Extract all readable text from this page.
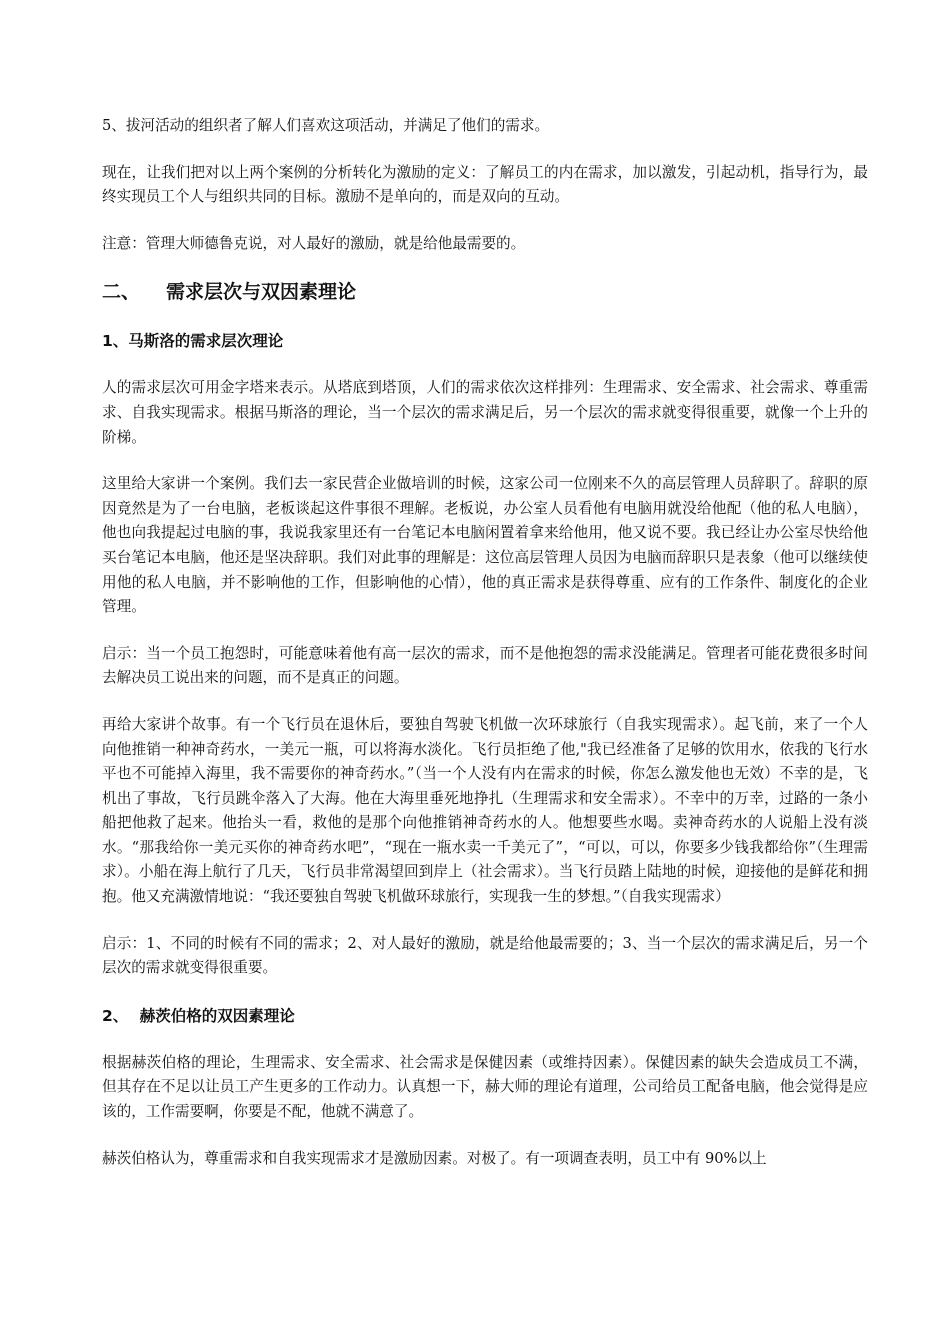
5、拔河活动的组织者了解人们喜欢这项活动，并满足了他们的需求。

现在，让我们把对以上两个案例的分析转化为激励的定义：了解员工的内在需求，加以激发，引起动机，指导行为，最终实现员工个人与组织共同的目标。激励不是单向的，而是双向的互动。

注意：管理大师德鲁克说，对人最好的激励，就是给他最需要的。

二、 需求层次与双因素理论
1、马斯洛的需求层次理论

人的需求层次可用金字塔来表示。从塔底到塔顶，人们的需求依次这样排列：生理需求、安全需求、社会需求、尊重需求、自我实现需求。根据马斯洛的理论，当一个层次的需求满足后，另一个层次的需求就变得很重要，就像一个上升的阶梯。

这里给大家讲一个案例。我们去一家民营企业做培训的时候，这家公司一位刚来不久的高层管理人员辞职了。辞职的原因竟然是为了一台电脑，老板谈起这件事很不理解。老板说，办公室人员看他有电脑用就没给他配（他的私人电脑），他也向我提起过电脑的事，我说我家里还有一台笔记本电脑闲置着拿来给他用，他又说不要。我已经让办公室尽快给他买台笔记本电脑，他还是坚决辞职。我们对此事的理解是：这位高层管理人员因为电脑而辞职只是表象（他可以继续使用他的私人电脑，并不影响他的工作，但影响他的心情），他的真正需求是获得尊重、应有的工作条件、制度化的企业管理。

启示：当一个员工抱怨时，可能意味着他有高一层次的需求，而不是他抱怨的需求没能满足。管理者可能花费很多时间去解决员工说出来的问题，而不是真正的问题。

再给大家讲个故事。有一个飞行员在退休后，要独自驾驶飞机做一次环球旅行（自我实现需求）。起飞前，来了一个人向他推销一种神奇药水，一美元一瓶，可以将海水淡化。飞行员拒绝了他,"我已经准备了足够的饮用水，依我的飞行水平也不可能掉入海里，我不需要你的神奇药水。”（当一个人没有内在需求的时候，你怎么激发他也无效）不幸的是，飞机出了事故，飞行员跳伞落入了大海。他在大海里垂死地挣扎（生理需求和安全需求）。不幸中的万幸，过路的一条小船把他救了起来。他抬头一看，救他的是那个向他推销神奇药水的人。他想要些水喝。卖神奇药水的人说船上没有淡水。“那我给你一美元买你的神奇药水吧”，“现在一瓶水卖一千美元了”，“可以，可以，你要多少钱我都给你”（生理需求）。小船在海上航行了几天，飞行员非常渴望回到岸上（社会需求）。当飞行员踏上陆地的时候，迎接他的是鲜花和拥抱。他又充满激情地说：“我还要独自驾驶飞机做环球旅行，实现我一生的梦想。”（自我实现需求）

启示：1、不同的时候有不同的需求；2、对人最好的激励，就是给他最需要的；3、当一个层次的需求满足后，另一个层次的需求就变得很重要。

2、 赫茨伯格的双因素理论

根据赫茨伯格的理论，生理需求、安全需求、社会需求是保健因素（或维持因素）。保健因素的缺失会造成员工不满，但其存在不足以让员工产生更多的工作动力。认真想一下，赫大师的理论有道理，公司给员工配备电脑，他会觉得是应该的，工作需要啊，你要是不配，他就不满意了。

赫茨伯格认为，尊重需求和自我实现需求才是激励因素。对极了。有一项调查表明，员工中有 90%以上
